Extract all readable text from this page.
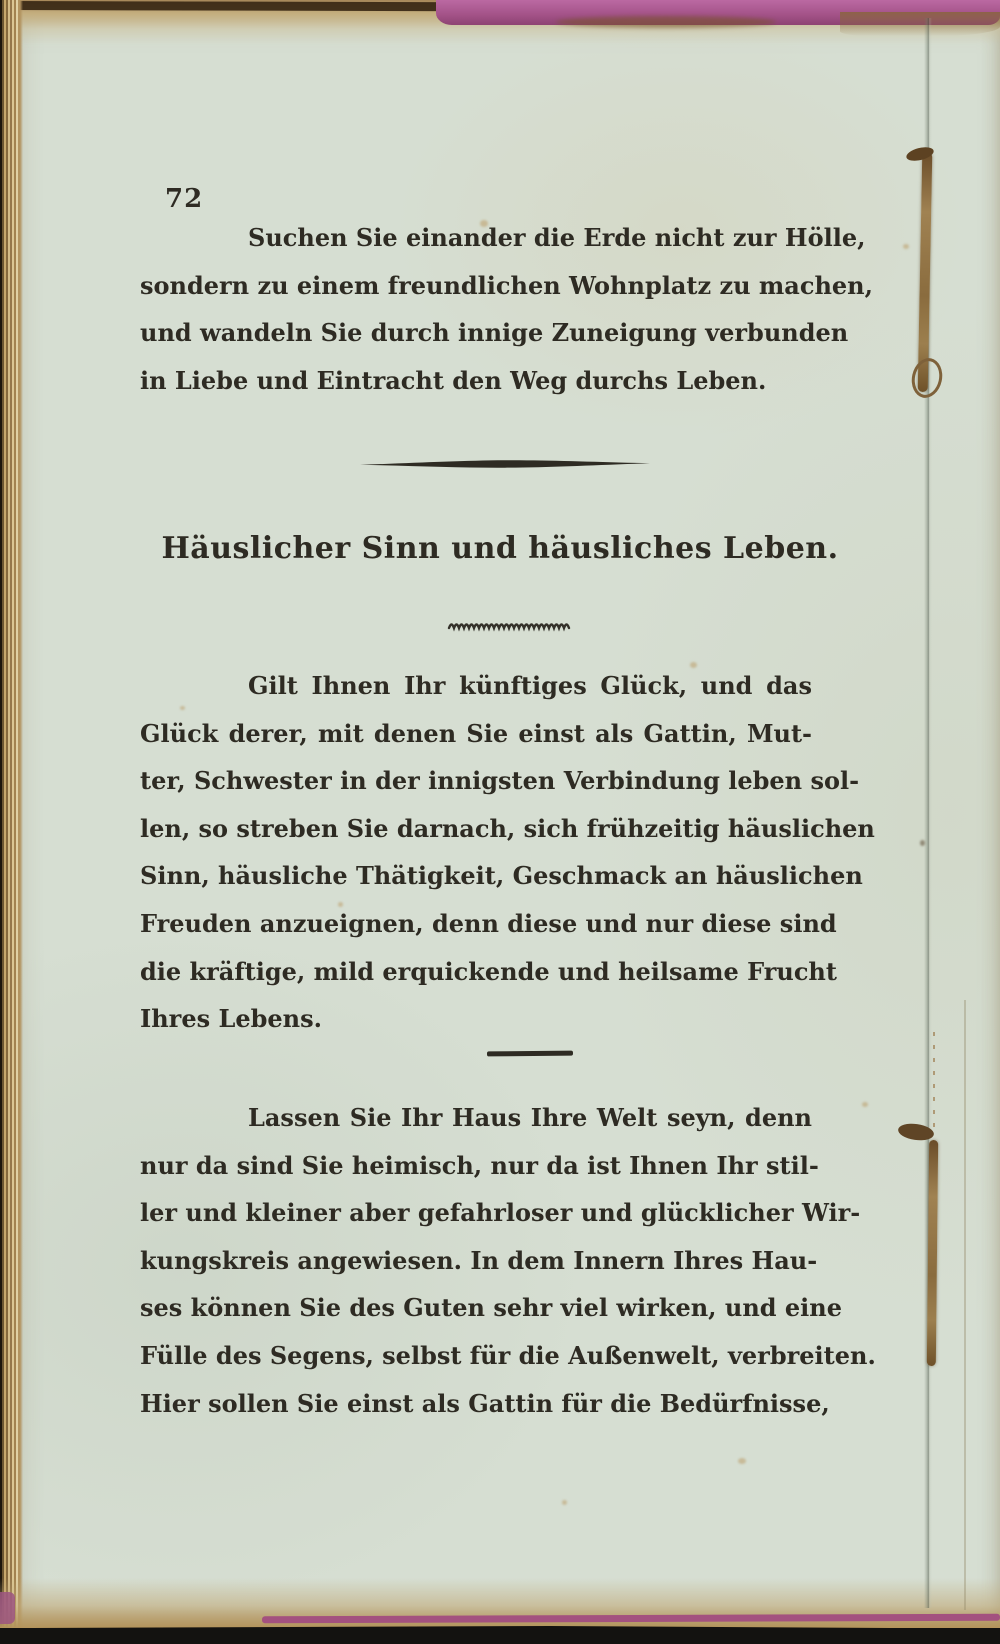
72
Suchen Sie einander die Erde nicht zur Hölle,
sondern zu einem freundlichen Wohnplatz zu machen,
und wandeln Sie durch innige Zuneigung verbunden
in Liebe und Eintracht den Weg durchs Leben.
Häuslicher Sinn und häusliches Leben.
Gilt Ihnen Ihr künftiges Glück, und das
Glück derer, mit denen Sie einst als Gattin, Mut-
ter, Schwester in der innigsten Verbindung leben sol-
len, so streben Sie darnach, sich frühzeitig häuslichen
Sinn, häusliche Thätigkeit, Geschmack an häuslichen
Freuden anzueignen, denn diese und nur diese sind
die kräftige, mild erquickende und heilsame Frucht
Ihres Lebens.
Lassen Sie Ihr Haus Ihre Welt seyn, denn
nur da sind Sie heimisch, nur da ist Ihnen Ihr stil-
ler und kleiner aber gefahrloser und glücklicher Wir-
kungskreis angewiesen. In dem Innern Ihres Hau-
ses können Sie des Guten sehr viel wirken, und eine
Fülle des Segens, selbst für die Außenwelt, verbreiten.
Hier sollen Sie einst als Gattin für die Bedürfnisse,
